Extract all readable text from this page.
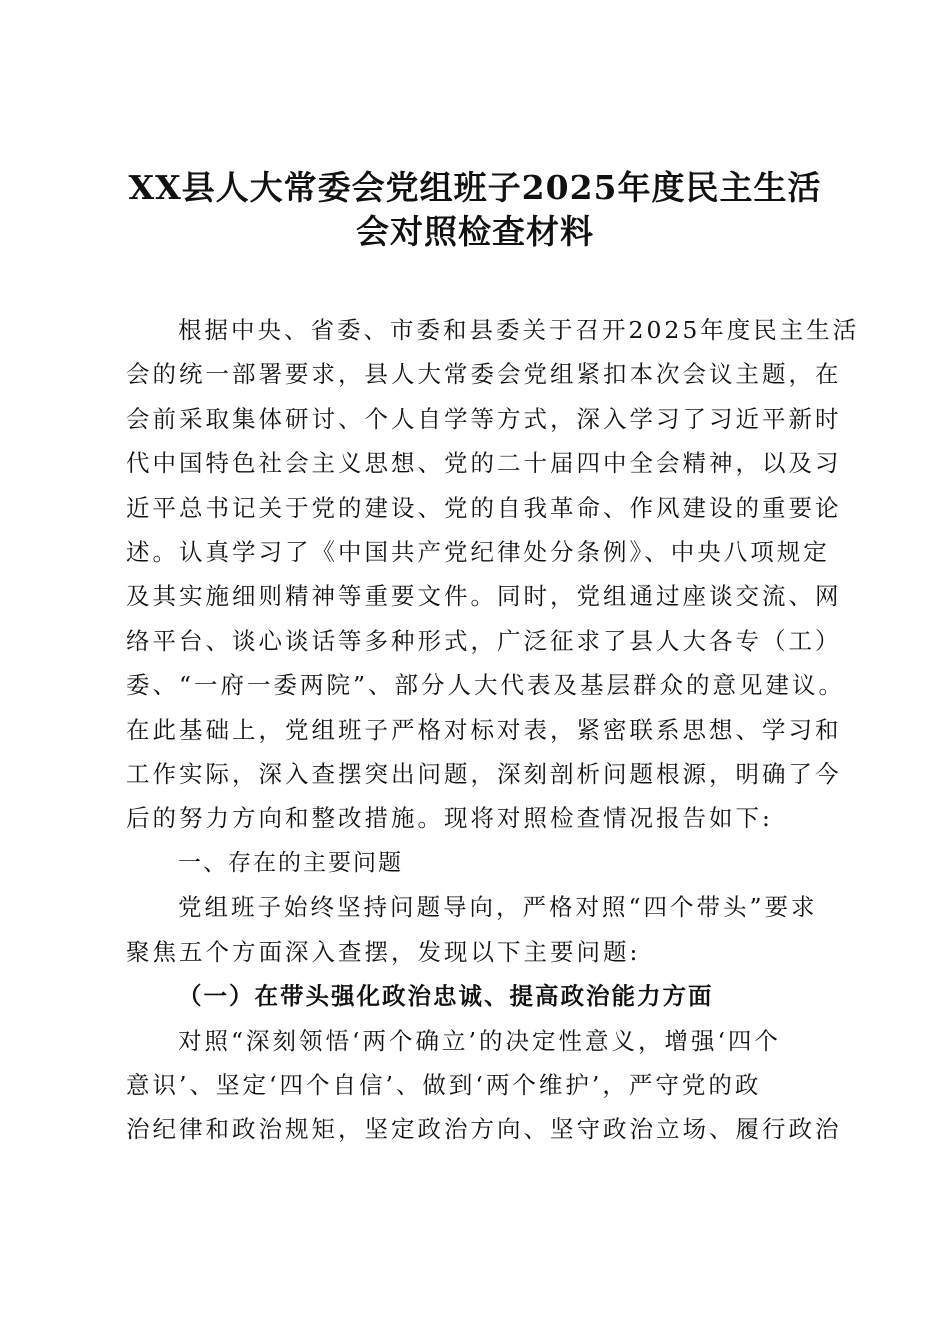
XX县人大常委会党组班子2025年度民主生活
会对照检查材料

根据中央、省委、市委和县委关于召开2025年度民主生活
会的统一部署要求，县人大常委会党组紧扣本次会议主题，在
会前采取集体研讨、个人自学等方式，深入学习了习近平新时
代中国特色社会主义思想、党的二十届四中全会精神，以及习
近平总书记关于党的建设、党的自我革命、作风建设的重要论
述。认真学习了《中国共产党纪律处分条例》、中央八项规定
及其实施细则精神等重要文件。同时，党组通过座谈交流、网
络平台、谈心谈话等多种形式，广泛征求了县人大各专（工）
委、“一府一委两院”、部分人大代表及基层群众的意见建议。
在此基础上，党组班子严格对标对表，紧密联系思想、学习和
工作实际，深入查摆突出问题，深刻剖析问题根源，明确了今
后的努力方向和整改措施。现将对照检查情况报告如下:

一、存在的主要问题

党组班子始终坚持问题导向，严格对照“四个带头”要求
聚焦五个方面深入查摆，发现以下主要问题:

（一）在带头强化政治忠诚、提高政治能力方面

对照“深刻领悟‘两个确立’的决定性意义，增强‘四个
意识’、坚定‘四个自信’、做到‘两个维护’，严守党的政
治纪律和政治规矩，坚定政治方向、坚守政治立场、履行政治
